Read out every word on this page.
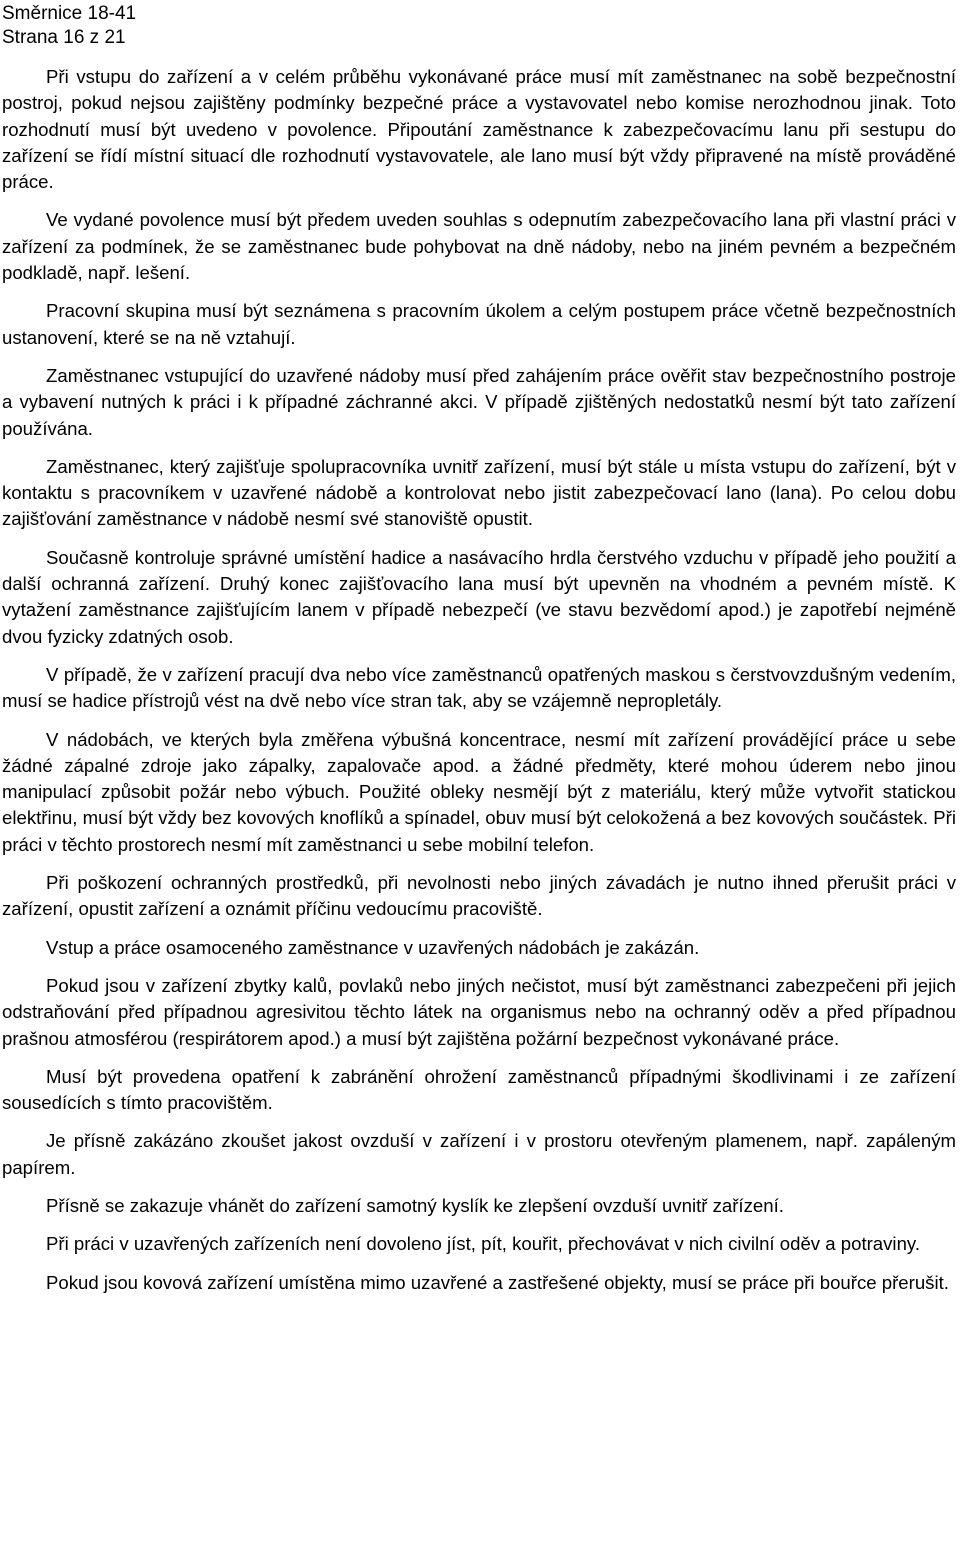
Směrnice 18-41
Strana 16 z 21

Při vstupu do zařízení a v celém průběhu vykonávané práce musí mít zaměstnanec na sobě bezpečnostní postroj, pokud nejsou zajištěny podmínky bezpečné práce a vystavovatel nebo komise nerozhodnou jinak. Toto rozhodnutí musí být uvedeno v povolence. Připoutání zaměstnance k zabezpečovacímu lanu při sestupu do zařízení se řídí místní situací dle rozhodnutí vystavovatele, ale lano musí být vždy připravené na místě prováděné práce.

Ve vydané povolence musí být předem uveden souhlas s odepnutím zabezpečovacího lana při vlastní práci v zařízení za podmínek, že se zaměstnanec bude pohybovat na dně nádoby, nebo na jiném pevném a bezpečném podkladě, např. lešení.

Pracovní skupina musí být seznámena s pracovním úkolem a celým postupem práce včetně bezpečnostních ustanovení, které se na ně vztahují.

Zaměstnanec vstupující do uzavřené nádoby musí před zahájením práce ověřit stav bezpečnostního postroje a vybavení nutných k práci i k případné záchranné akci. V případě zjištěných nedostatků nesmí být tato zařízení používána.

Zaměstnanec, který zajišťuje spolupracovníka uvnitř zařízení, musí být stále u místa vstupu do zařízení, být v kontaktu s pracovníkem v uzavřené nádobě a kontrolovat nebo jistit zabezpečovací lano (lana). Po celou dobu zajišťování zaměstnance v nádobě nesmí své stanoviště opustit.

Současně kontroluje správné umístění hadice a nasávacího hrdla čerstvého vzduchu v případě jeho použití a další ochranná zařízení. Druhý konec zajišťovacího lana musí být upevněn na vhodném a pevném místě. K vytažení zaměstnance zajišťujícím lanem v případě nebezpečí (ve stavu bezvědomí apod.) je zapotřebí nejméně dvou fyzicky zdatných osob.

V případě, že v zařízení pracují dva nebo více zaměstnanců opatřených maskou s čerstvovzdušným vedením, musí se hadice přístrojů vést na dvě nebo více stran tak, aby se vzájemně nepropletály.

V nádobách, ve kterých byla změřena výbušná koncentrace, nesmí mít zařízení provádějící práce u sebe žádné zápalné zdroje jako zápalky, zapalovače apod. a žádné předměty, které mohou úderem nebo jinou manipulací způsobit požár nebo výbuch. Použité obleky nesmějí být z materiálu, který může vytvořit statickou elektřinu, musí být vždy bez kovových knoflíků a spínadel, obuv musí být celokožená a bez kovových součástek. Při práci v těchto prostorech nesmí mít zaměstnanci u sebe mobilní telefon.

Při poškození ochranných prostředků, při nevolnosti nebo jiných závadách je nutno ihned přerušit práci v zařízení, opustit zařízení a oznámit příčinu vedoucímu pracoviště.

Vstup a práce osamoceného zaměstnance v uzavřených nádobách je zakázán.

Pokud jsou v zařízení zbytky kalů, povlaků nebo jiných nečistot, musí být zaměstnanci zabezpečeni při jejich odstraňování před případnou agresivitou těchto látek na organismus nebo na ochranný oděv a před případnou prašnou atmosférou (respirátorem apod.) a musí být zajištěna požární bezpečnost vykonávané práce.

Musí být provedena opatření k zabránění ohrožení zaměstnanců případnými škodlivinami i ze zařízení sousedících s tímto pracovištěm.

Je přísně zakázáno zkoušet jakost ovzduší v zařízení i v prostoru otevřeným plamenem, např. zapáleným papírem.

Přísně se zakazuje vhánět do zařízení samotný kyslík ke zlepšení ovzduší uvnitř zařízení.

Při práci v uzavřených zařízeních není dovoleno jíst, pít, kouřit, přechovávat v nich civilní oděv a potraviny.

Pokud jsou kovová zařízení umístěna mimo uzavřené a zastřešené objekty, musí se práce při bouřce přerušit.
